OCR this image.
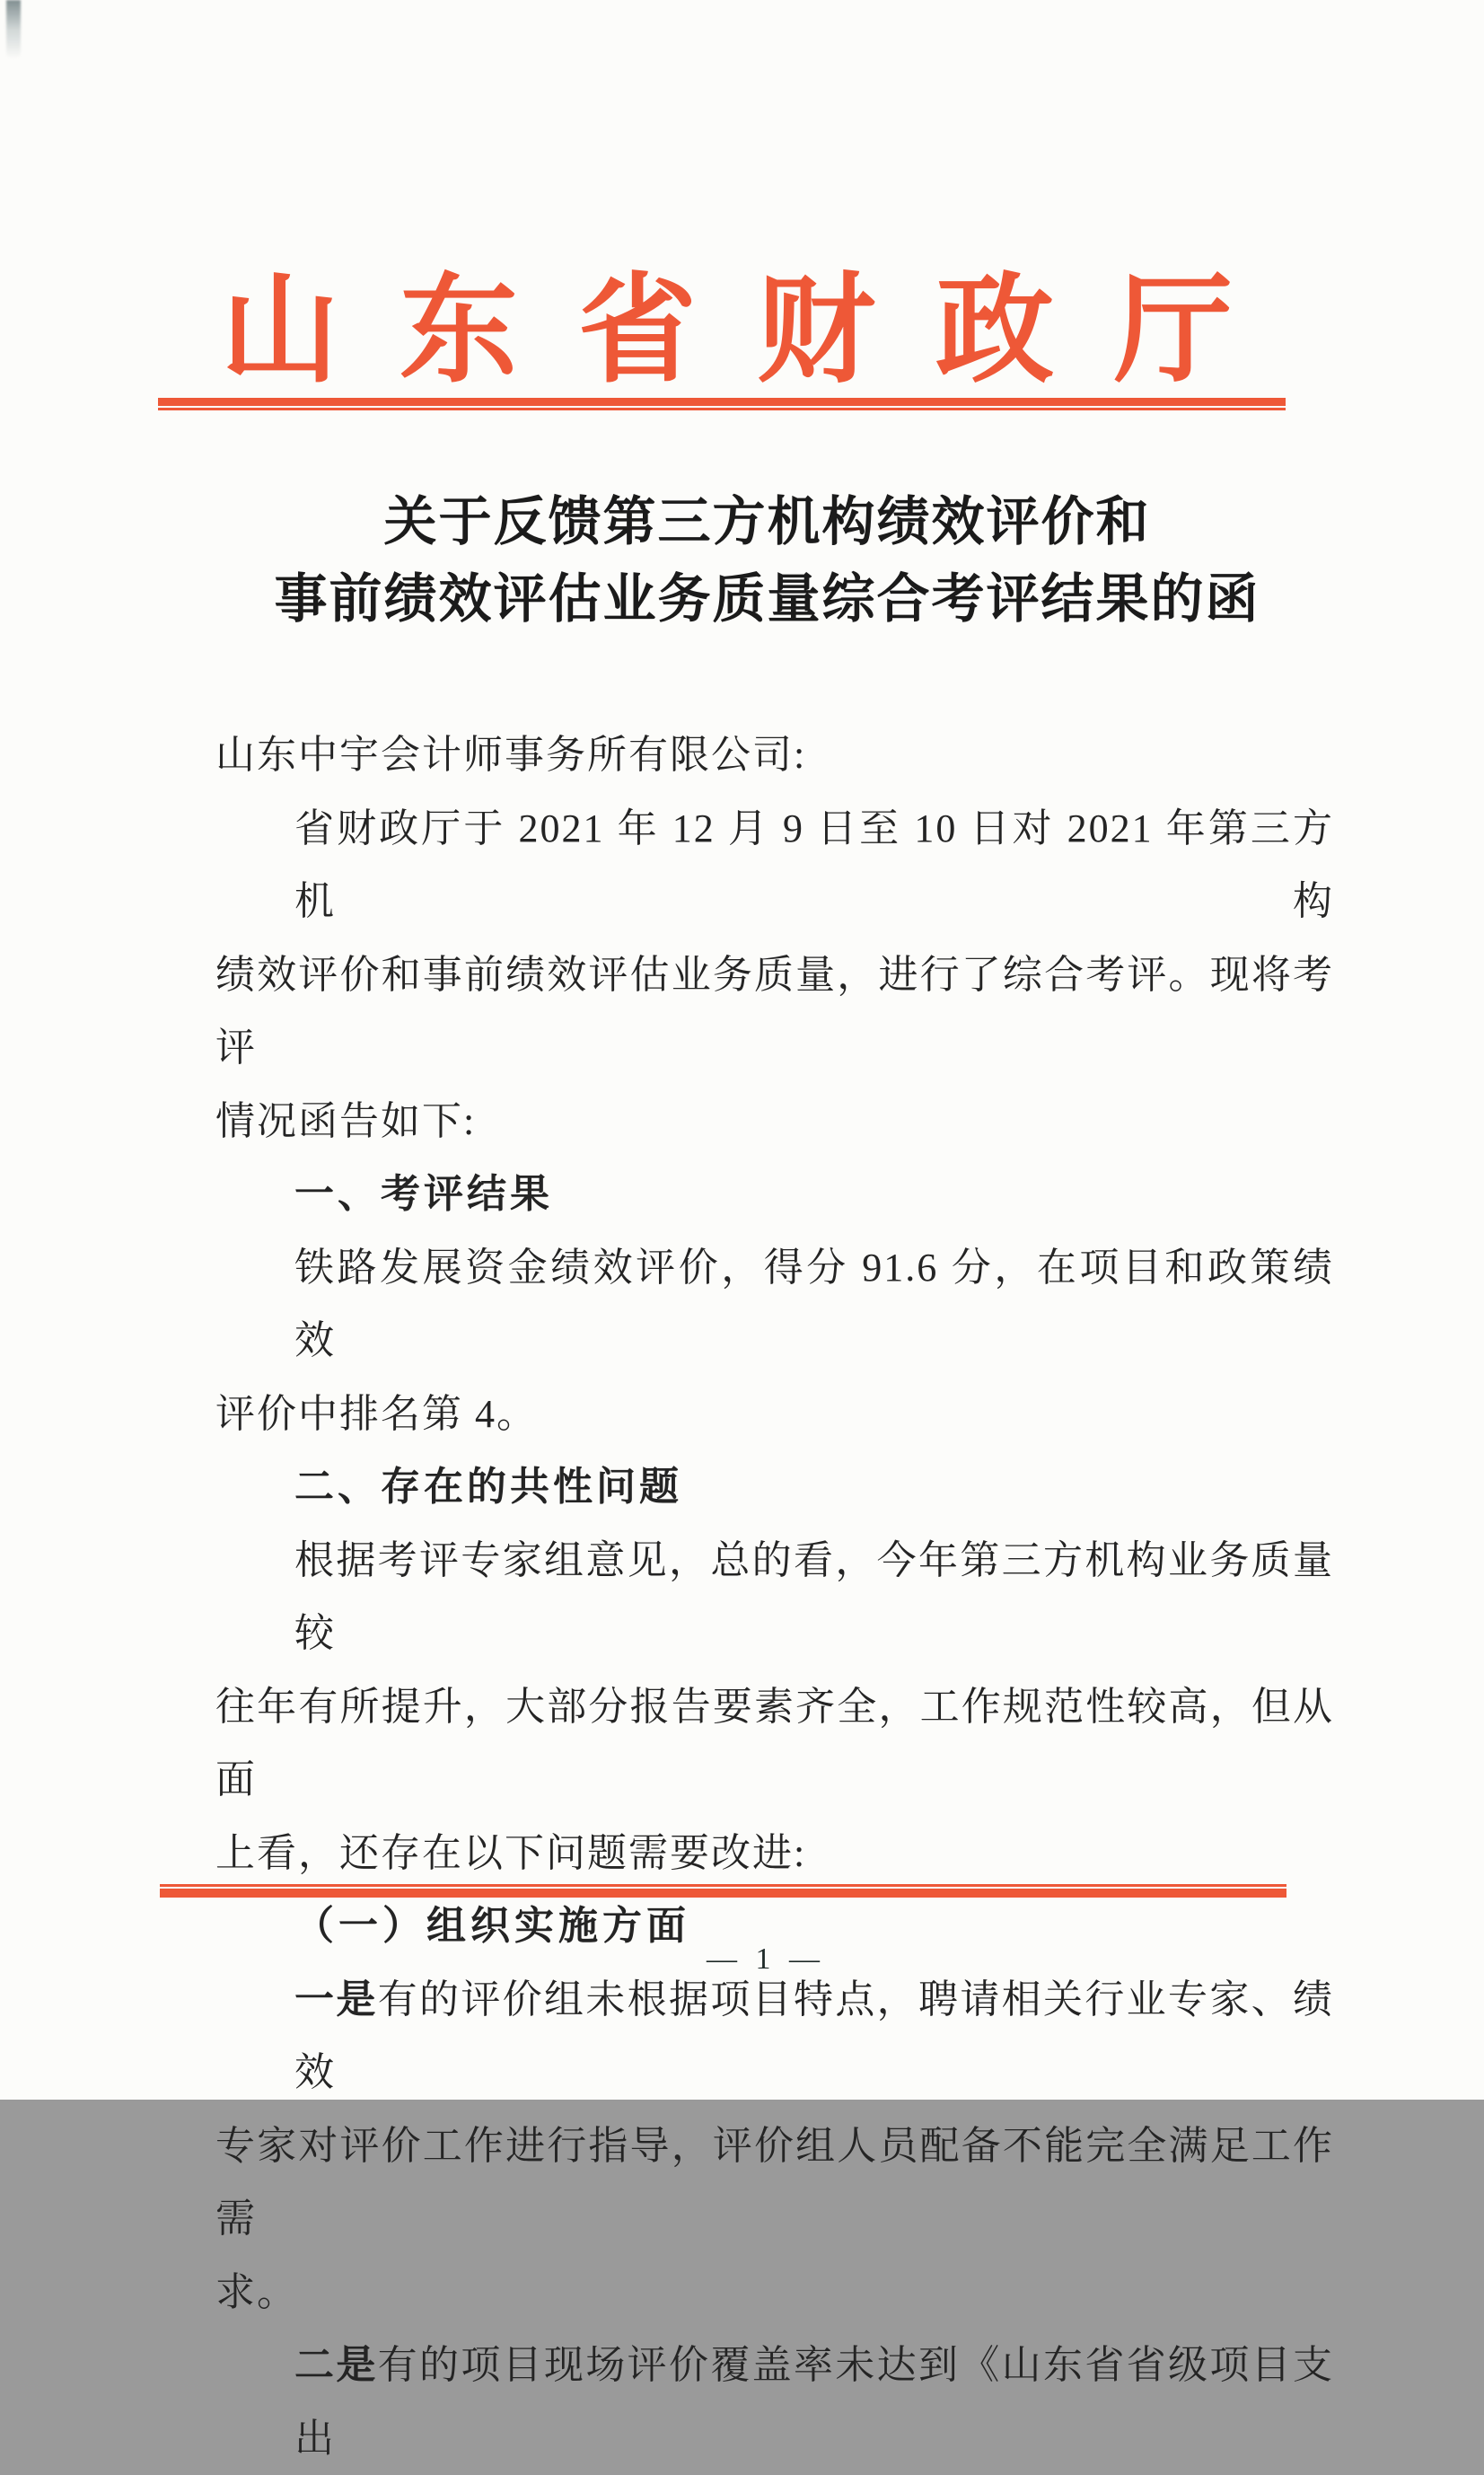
山东省财政厅
关于反馈第三方机构绩效评价和
事前绩效评估业务质量综合考评结果的函
山东中宇会计师事务所有限公司:
省财政厅于 2021 年 12 月 9 日至 10 日对 2021 年第三方机构
绩效评价和事前绩效评估业务质量，进行了综合考评。现将考评
情况函告如下:
一、考评结果
铁路发展资金绩效评价，得分 91.6 分，在项目和政策绩效
评价中排名第 4。
二、存在的共性问题
根据考评专家组意见，总的看，今年第三方机构业务质量较
往年有所提升，大部分报告要素齐全，工作规范性较高，但从面
上看，还存在以下问题需要改进:
（一）组织实施方面
一是有的评价组未根据项目特点，聘请相关行业专家、绩效
专家对评价工作进行指导，评价组人员配备不能完全满足工作需
求。
二是有的项目现场评价覆盖率未达到《山东省省级项目支出
— 1 —
